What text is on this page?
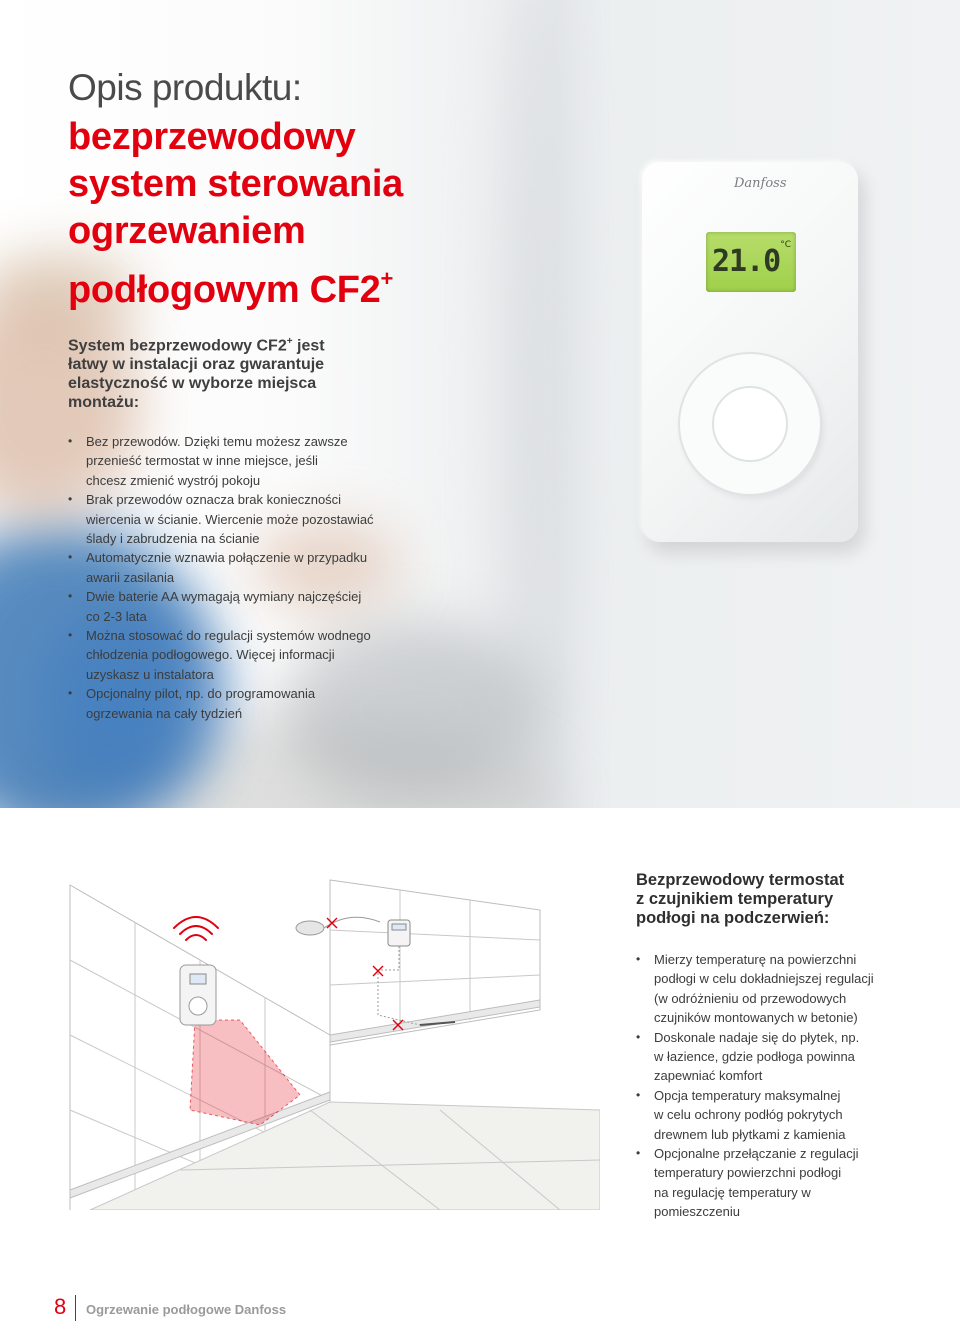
Danfoss
21.0 °C
Opis produktu:
bezprzewodowy
system sterowania
ogrzewaniem
podłogowym CF2+
System bezprzewodowy CF2+ jest
łatwy w instalacji oraz gwarantuje
elastyczność w wyborze miejsca
montażu:
• Bez przewodów. Dzięki temu możesz zawsze
przenieść termostat w inne miejsce, jeśli
chcesz zmienić wystrój pokoju
• Brak przewodów oznacza brak konieczności
wiercenia w ścianie. Wiercenie może pozostawiać
ślady i zabrudzenia na ścianie
• Automatycznie wznawia połączenie w przypadku
awarii zasilania
• Dwie baterie AA wymagają wymiany najczęściej
co 2-3 lata
• Można stosować do regulacji systemów wodnego
chłodzenia podłogowego. Więcej informacji
uzyskasz u instalatora
• Opcjonalny pilot, np. do programowania
ogrzewania na cały tydzień
Bezprzewodowy termostat
z czujnikiem temperatury
podłogi na podczerwień:
• Mierzy temperaturę na powierzchni
podłogi w celu dokładniejszej regulacji
(w odróżnieniu od przewodowych
czujników montowanych w betonie)
• Doskonale nadaje się do płytek, np.
w łazience, gdzie podłoga powinna
zapewniać komfort
• Opcja temperatury maksymalnej
w celu ochrony podłóg pokrytych
drewnem lub płytkami z kamienia
• Opcjonalne przełączanie z regulacji
temperatury powierzchni podłogi
na regulację temperatury w
pomieszczeniu
8 Ogrzewanie podłogowe Danfoss
